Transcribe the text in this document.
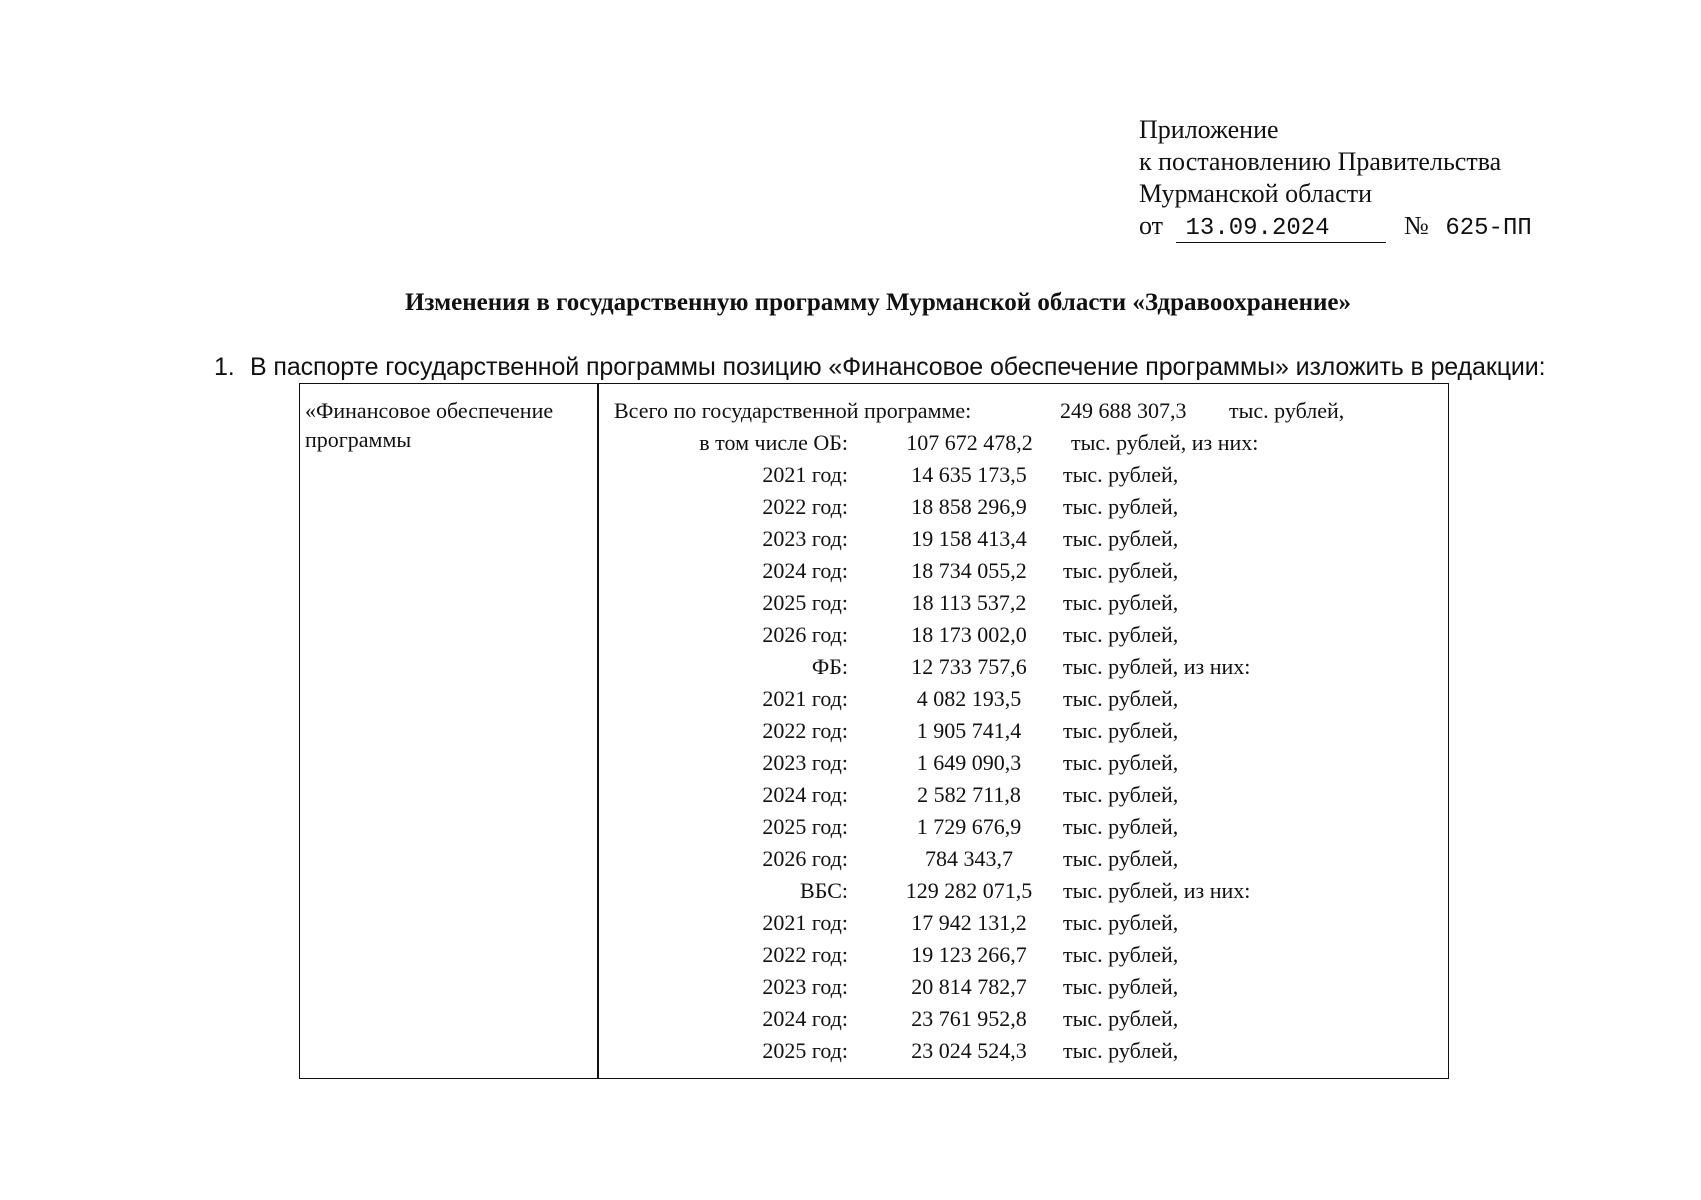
Приложение
к постановлению Правительства
Мурманской области
от 13.09.2024	№ 625-ПП
Изменения в государственную программу Мурманской области «Здравоохранение»
1. В паспорте государственной программы позицию «Финансовое обеспечение программы» изложить в редакции:
«Финансовое обеспечение программы
Всего по государственной программе:	249 688 307,3 тыс. рублей,
в том числе ОБ:	107 672 478,2	тыс. рублей, из них:
2021 год:	14 635 173,5	тыс. рублей,
2022 год:	18 858 296,9	тыс. рублей,
2023 год:	19 158 413,4	тыс. рублей,
2024 год:	18 734 055,2	тыс. рублей,
2025 год:	18 113 537,2	тыс. рублей,
2026 год:	18 173 002,0	тыс. рублей,
ФБ:	12 733 757,6	тыс. рублей, из них:
2021 год:	4 082 193,5	тыс. рублей,
2022 год:	1 905 741,4	тыс. рублей,
2023 год:	1 649 090,3	тыс. рублей,
2024 год:	2 582 711,8	тыс. рублей,
2025 год:	1 729 676,9	тыс. рублей,
2026 год:	784 343,7	тыс. рублей,
ВБС:	129 282 071,5	тыс. рублей, из них:
2021 год:	17 942 131,2	тыс. рублей,
2022 год:	19 123 266,7	тыс. рублей,
2023 год:	20 814 782,7	тыс. рублей,
2024 год:	23 761 952,8	тыс. рублей,
2025 год:	23 024 524,3	тыс. рублей,
